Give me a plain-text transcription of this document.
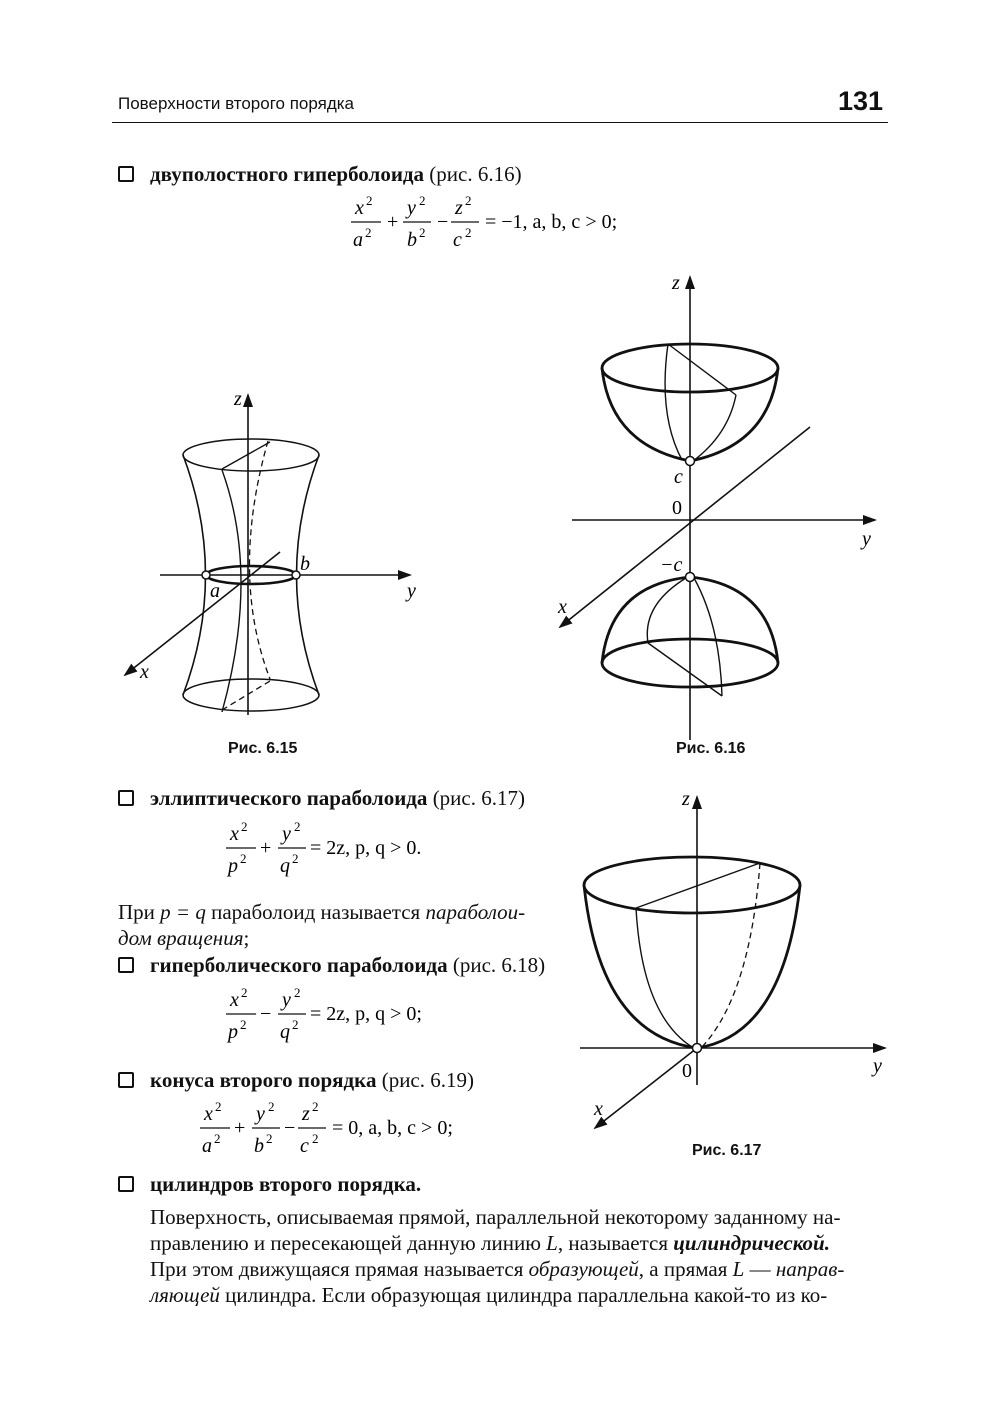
Поверхности второго порядка	131
двуполостного гиперболоида (рис. 6.16)
x 2
a 2 +
y 2
b 2 −
z 2
c 2 = −1, a, b, c > 0;
z
y
x
a
b
Рис. 6.15
z
y
x
c
0
−c
Рис. 6.16
эллиптического параболоида (рис. 6.17)
x 2
p 2 +
y 2
q 2 = 2z, p, q > 0.
При p = q параболоид называется параболои-
дом вращения;
гиперболического параболоида (рис. 6.18)
x 2
p 2 −
y 2
q 2 = 2z, p, q > 0;
конуса второго порядка (рис. 6.19)
x 2
a 2 +
y 2
b 2 −
z 2
c 2 = 0, a, b, c > 0;
z
y
x
0
Рис. 6.17
цилиндров второго порядка.
Поверхность, описываемая прямой, параллельной некоторому заданному на-
правлению и пересекающей данную линию L, называется цилиндрической.
При этом движущаяся прямая называется образующей, а прямая L — направ-
ляющей цилиндра. Если образующая цилиндра параллельна какой-то из ко-
